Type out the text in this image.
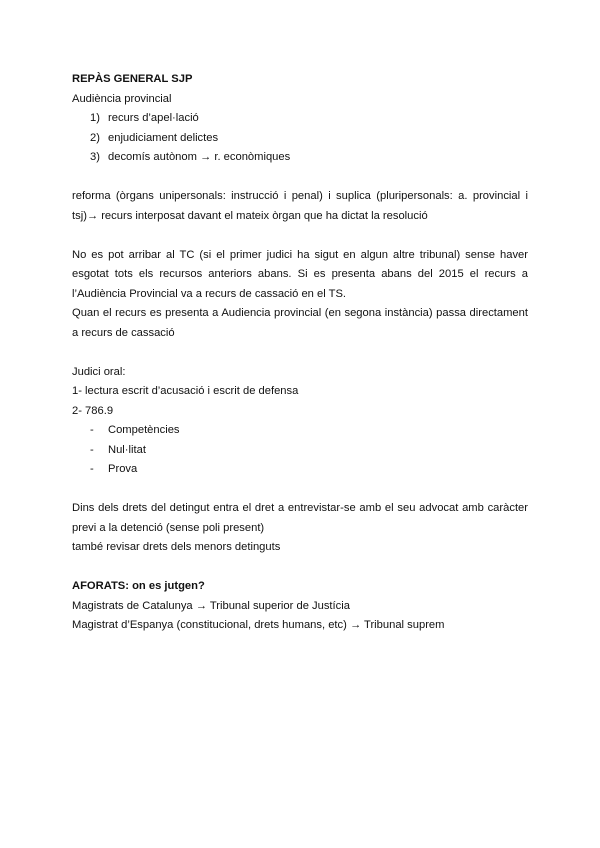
REPÀS GENERAL SJP

Audiència provincial

1) recurs d’apel·lació
2) enjudiciament delictes
3) decomís autònom → r. econòmiques

reforma (òrgans unipersonals: instrucció i penal) i suplica (pluripersonals: a. provincial i tsj)→ recurs interposat davant el mateix òrgan que ha dictat la resolució

No es pot arribar al TC (si el primer judici ha sigut en algun altre tribunal) sense haver esgotat tots els recursos anteriors abans. Si es presenta abans del 2015 el recurs a l’Audiència Provincial va a recurs de cassació en el TS.

Quan el recurs es presenta a Audiencia provincial (en segona instància) passa directament a recurs de cassació

Judici oral:

1- lectura escrit d’acusació i escrit de defensa

2- 786.9

- Competències
- Nul·litat
- Prova

Dins dels drets del detingut entra el dret a entrevistar-se amb el seu advocat amb caràcter previ a la detenció (sense poli present)

també revisar drets dels menors detinguts

AFORATS: on es jutgen?

Magistrats de Catalunya → Tribunal superior de Justícia

Magistrat d’Espanya (constitucional, drets humans, etc) → Tribunal suprem
